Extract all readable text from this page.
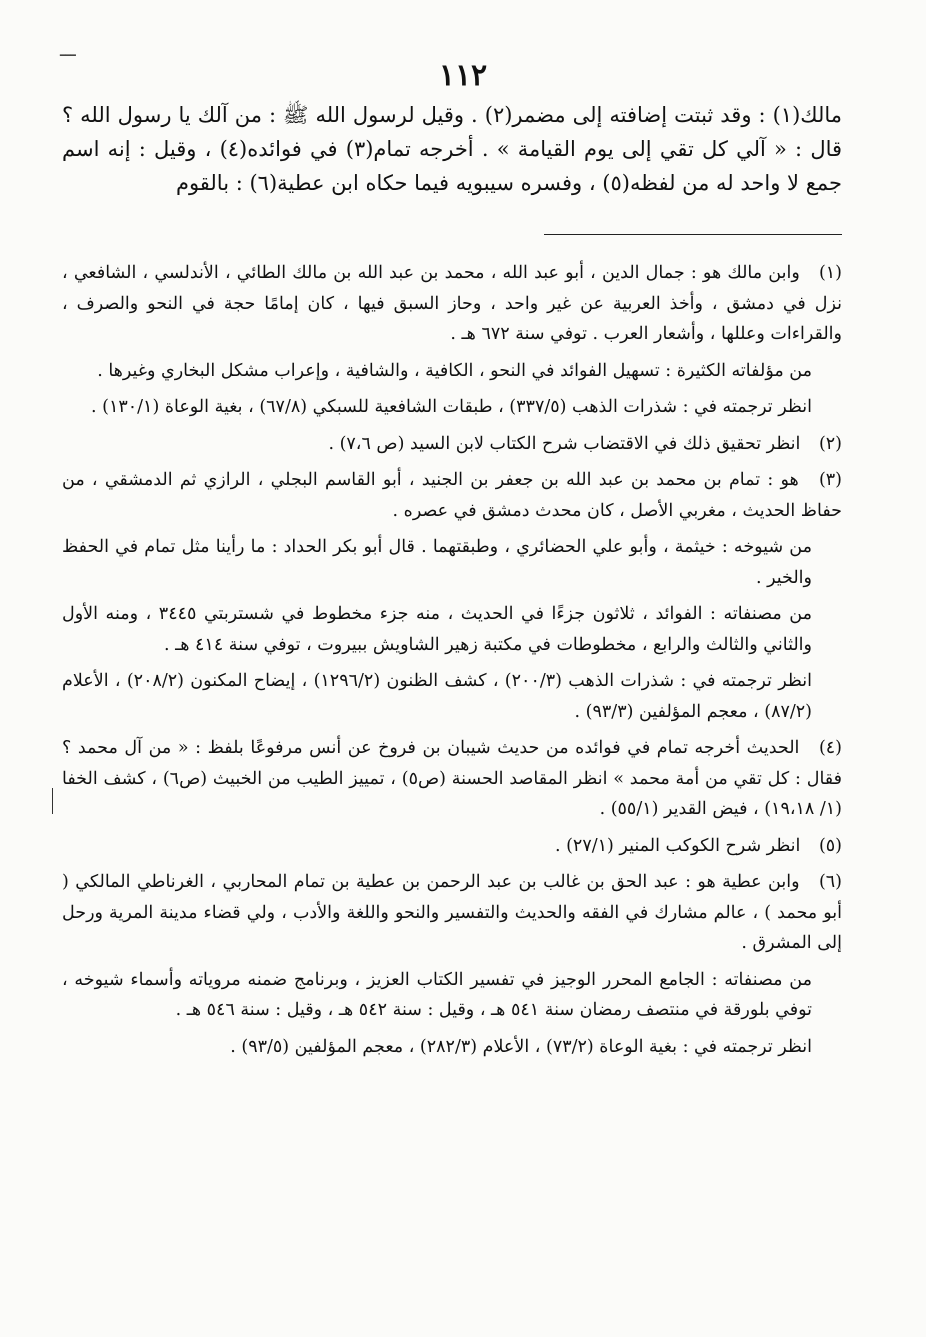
ـــ
١١٢

مالك(١) : وقد ثبتت إضافته إلى مضمر(٢) . وقيل لرسول الله ﷺ : من آلك يا رسول الله ؟ قال : « آلي كل تقي إلى يوم القيامة » . أخرجه تمام(٣) في فوائده(٤) ، وقيل : إنه اسم جمع لا واحد له من لفظه(٥) ، وفسره سيبويه فيما حكاه ابن عطية(٦) : بالقوم

(١) وابن مالك هو : جمال الدين ، أبو عبد الله ، محمد بن عبد الله بن مالك الطائي ، الأندلسي ، الشافعي ، نزل في دمشق ، وأخذ العربية عن غير واحد ، وحاز السبق فيها ، كان إمامًا حجة في النحو والصرف ، والقراءات وعللها ، وأشعار العرب . توفي سنة ٦٧٢ هـ .

من مؤلفاته الكثيرة : تسهيل الفوائد في النحو ، الكافية ، والشافية ، وإعراب مشكل البخاري وغيرها .

انظر ترجمته في : شذرات الذهب (٣٣٧/٥) ، طبقات الشافعية للسبكي (٦٧/٨) ، بغية الوعاة (١٣٠/١) .

(٢) انظر تحقيق ذلك في الاقتضاب شرح الكتاب لابن السيد (ص ٧،٦) .

(٣) هو : تمام بن محمد بن عبد الله بن جعفر بن الجنيد ، أبو القاسم البجلي ، الرازي ثم الدمشقي ، من حفاظ الحديث ، مغربي الأصل ، كان محدث دمشق في عصره .

من شيوخه : خيثمة ، وأبو علي الحضائري ، وطبقتهما . قال أبو بكر الحداد : ما رأينا مثل تمام في الحفظ والخير .

من مصنفاته : الفوائد ، ثلاثون جزءًا في الحديث ، منه جزء مخطوط في شستربتي ٣٤٤٥ ، ومنه الأول والثاني والثالث والرابع ، مخطوطات في مكتبة زهير الشاويش ببيروت ، توفي سنة ٤١٤ هـ .

انظر ترجمته في : شذرات الذهب (٢٠٠/٣) ، كشف الظنون (١٢٩٦/٢) ، إيضاح المكنون (٢٠٨/٢) ، الأعلام (٨٧/٢) ، معجم المؤلفين (٩٣/٣) .

(٤) الحديث أخرجه تمام في فوائده من حديث شيبان بن فروخ عن أنس مرفوعًا بلفظ : « من آل محمد ؟ فقال : كل تقي من أمة محمد » انظر المقاصد الحسنة (ص٥) ، تمييز الطيب من الخبيث (ص٦) ، كشف الخفا (١/ ١٩،١٨) ، فيض القدير (٥٥/١) .

(٥) انظر شرح الكوكب المنير (٢٧/١) .

(٦) وابن عطية هو : عبد الحق بن غالب بن عبد الرحمن بن عطية بن تمام المحاربي ، الغرناطي المالكي ( أبو محمد ) ، عالم مشارك في الفقه والحديث والتفسير والنحو واللغة والأدب ، ولي قضاء مدينة المرية ورحل إلى المشرق .

من مصنفاته : الجامع المحرر الوجيز في تفسير الكتاب العزيز ، وبرنامج ضمنه مروياته وأسماء شيوخه ، توفي بلورقة في منتصف رمضان سنة ٥٤١ هـ ، وقيل : سنة ٥٤٢ هـ ، وقيل : سنة ٥٤٦ هـ .

انظر ترجمته في : بغية الوعاة (٧٣/٢) ، الأعلام (٢٨٢/٣) ، معجم المؤلفين (٩٣/٥) .
